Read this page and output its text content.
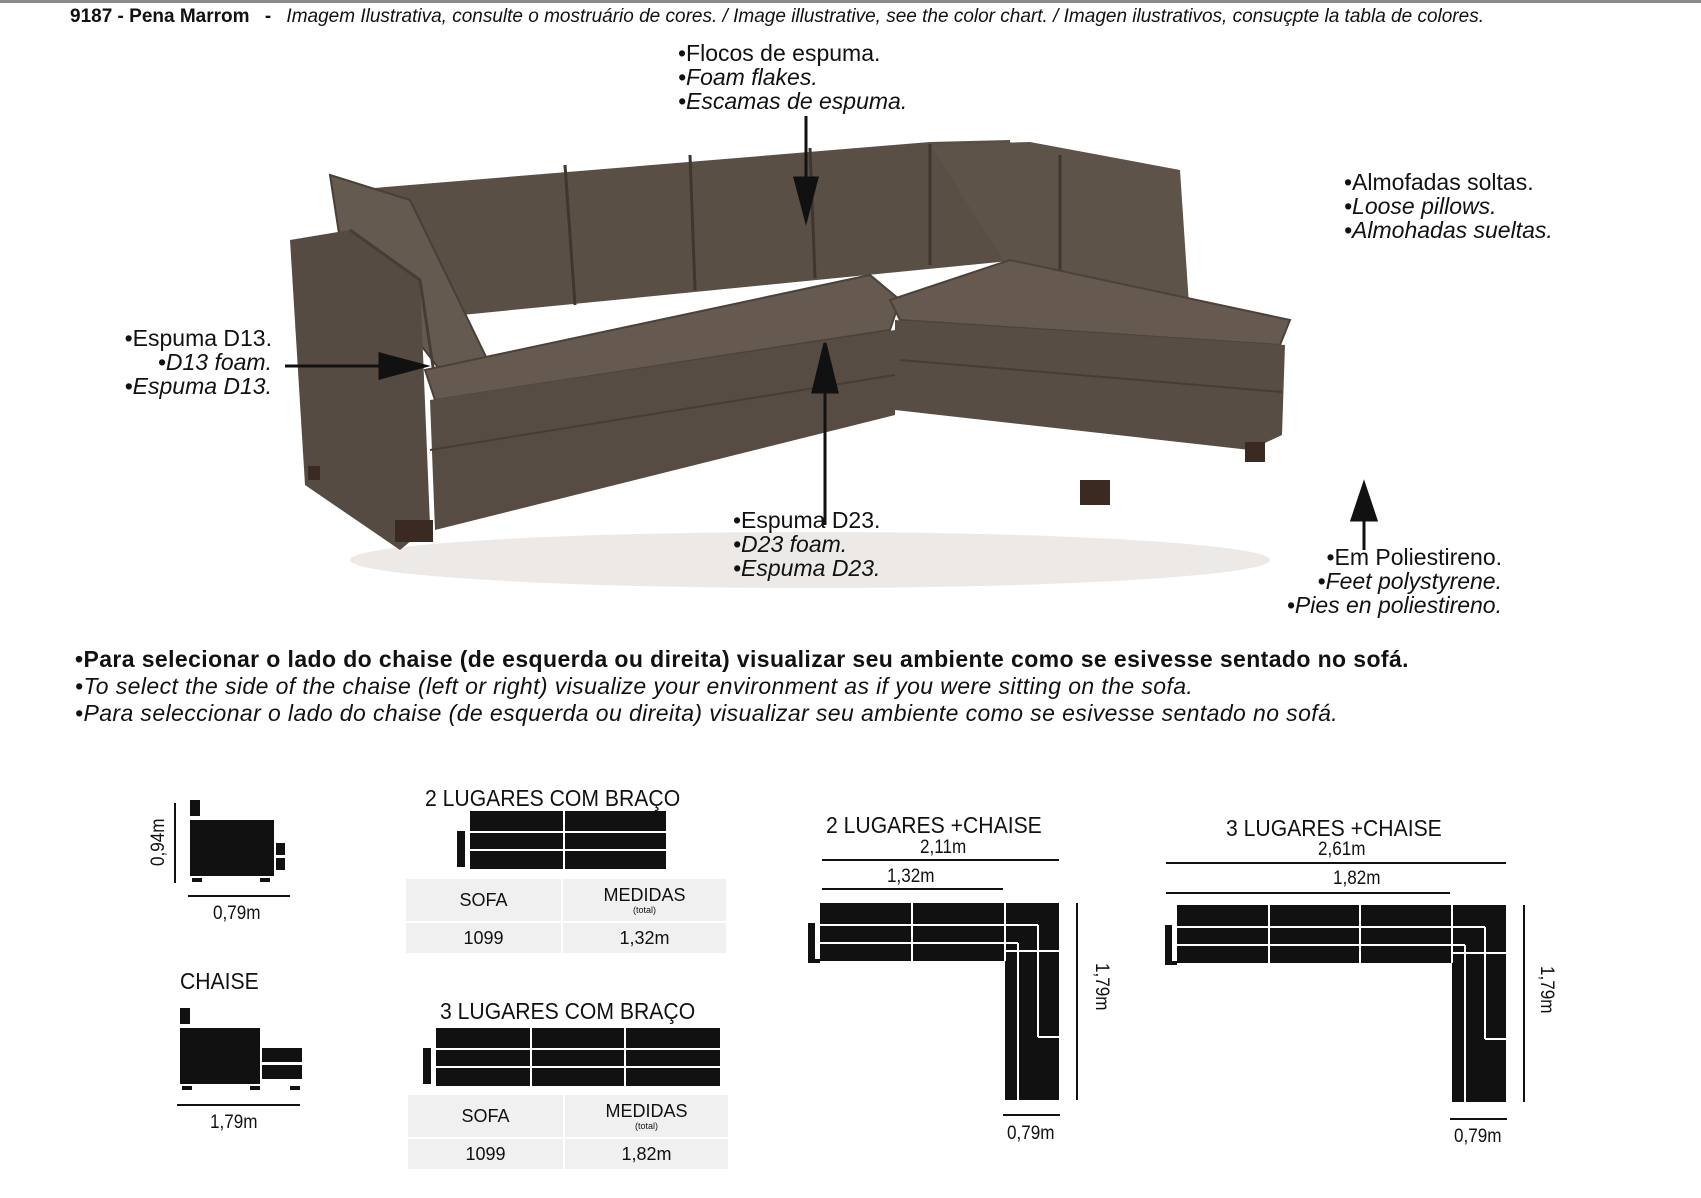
9187 - Pena Marrom - Imagem Ilustrativa, consulte o mostruário de cores. / Image illustrative, see the color chart. / Imagen ilustrativos, consuçpte la tabla de colores.
•Flocos de espuma.
•Foam flakes.
•Escamas de espuma.
•Almofadas soltas.
•Loose pillows.
•Almohadas sueltas.
•Espuma D13.
•D13 foam.
•Espuma D13.
•Espuma D23.
•D23 foam.
•Espuma D23.	•Em Poliestireno.
•Feet polystyrene.
•Pies en poliestireno.
•Para selecionar o lado do chaise (de esquerda ou direita) visualizar seu ambiente como se esivesse sentado no sofá.
•To select the side of the chaise (left or right) visualize your environment as if you were sitting on the sofa.
•Para seleccionar o lado do chaise (de esquerda ou direita) visualizar seu ambiente como se esivesse sentado no sofá.
0,94m
0,79m
CHAISE
1,79m
2 LUGARES COM BRAÇO
SOFA	MEDIDAS
(total)

1099	1,32m
3 LUGARES COM BRAÇO
SOFA	MEDIDAS
(total)

1099	1,82m
2 LUGARES +CHAISE
2,11m
1,32m
1,79m
0,79m
3 LUGARES +CHAISE
2,61m
1,82m
1,79m
0,79m
